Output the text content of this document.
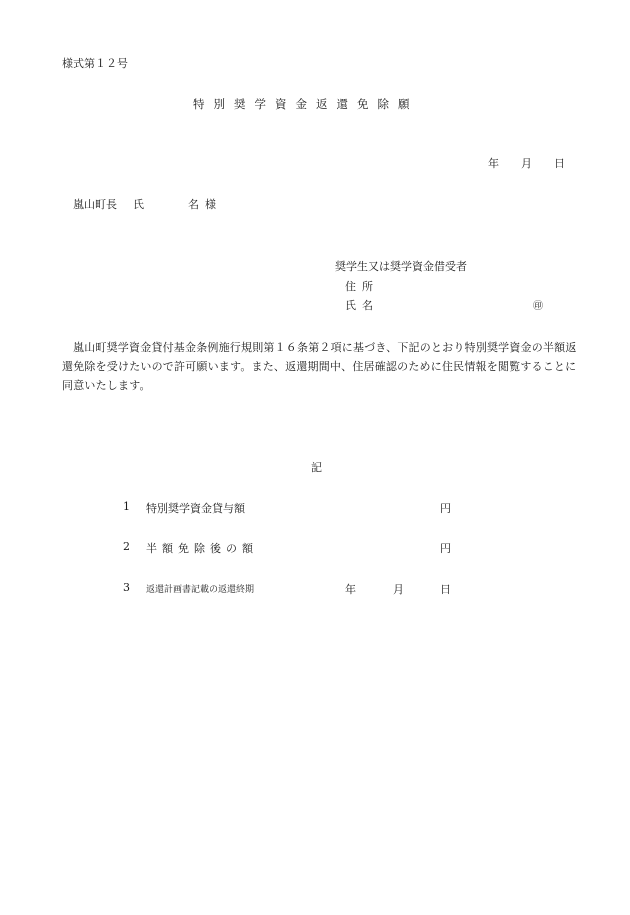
様式第１２号
特別奨学資金返還免除願
年 月 日
嵐山町長 氏	名様
奨学生又は奨学資金借受者
住所
氏名	㊞
嵐山町奨学資金貸付基金条例施行規則第１６条第２項に基づき、下記のとおり特別奨学資金の半額返還免除を受けたいので許可願います。また、返還期間中、住居確認のために住民情報を閲覧することに同意いたします。
記
1 特別奨学資金貸与額	円
2 半額免除後の額	円
3 返還計画書記載の返還終期	年	月	日
